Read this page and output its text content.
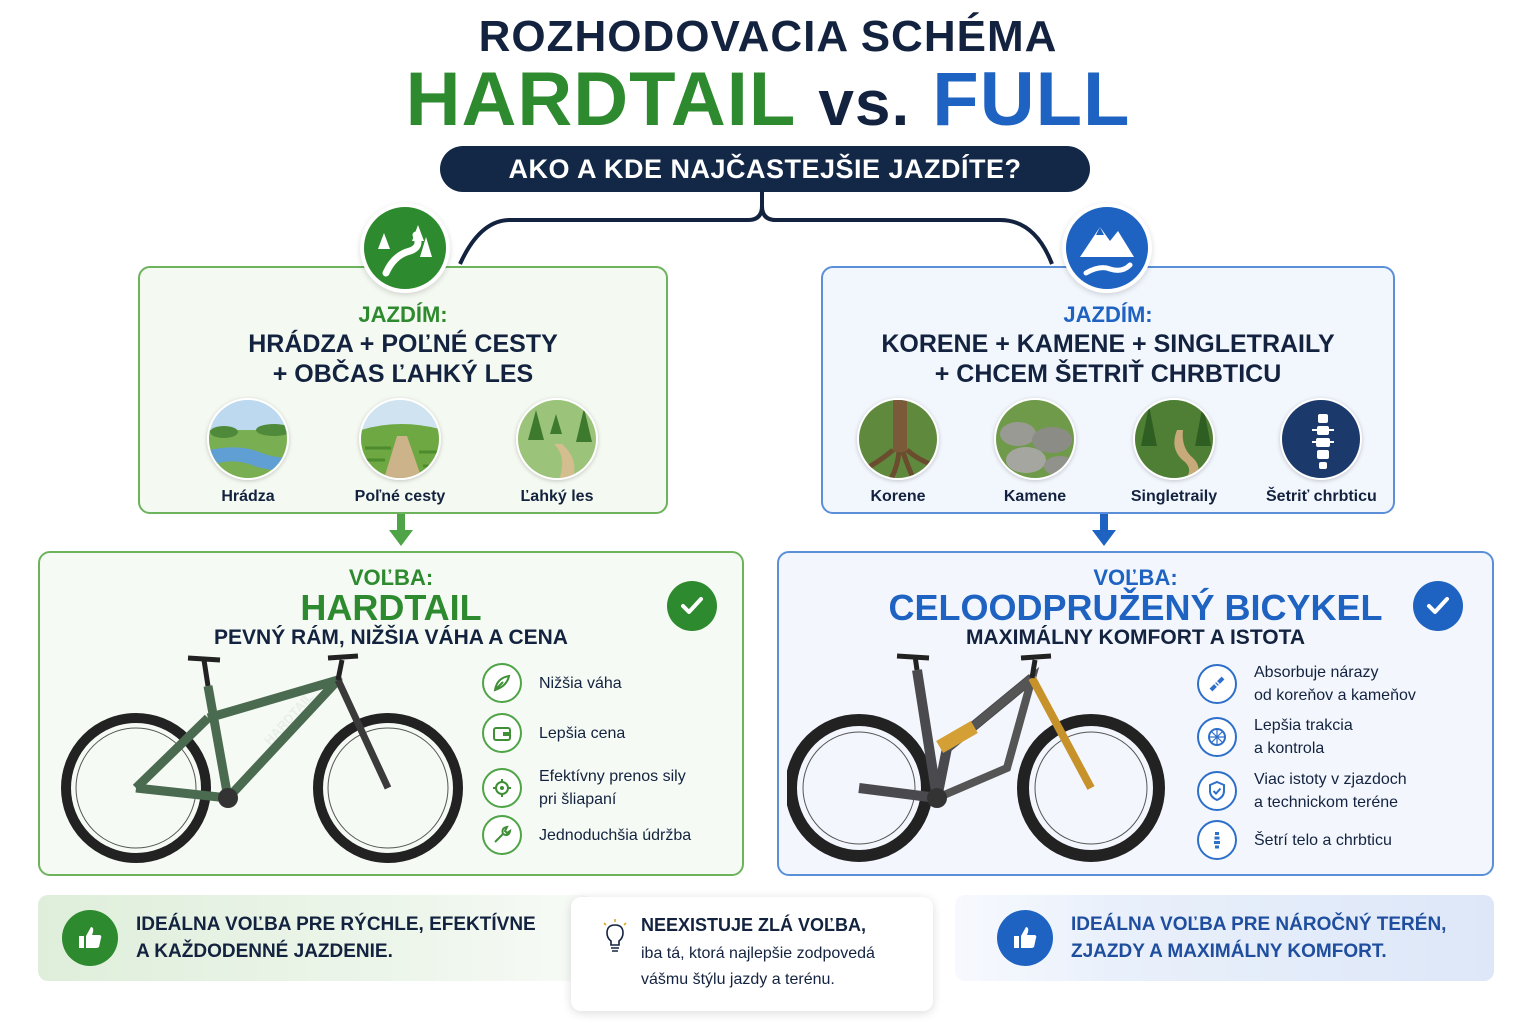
ROZHODOVACIA SCHÉMA
HARDTAIL vs. FULL
AKO A KDE NAJČASTEJŠIE JAZDÍTE?
JAZDÍM:
HRÁDZA + POĽNÉ CESTY
+ OBČAS ĽAHKÝ LES
Hrádza	Poľné cesty	Ľahký les
JAZDÍM:
KORENE + KAMENE + SINGLETRAILY
+ CHCEM ŠETRIŤ CHRBTICU
Korene	Kamene	Singletraily	Šetriť chrbticu
VOĽBA:
HARDTAIL
PEVNÝ RÁM, NIŽŠIA VÁHA A CENA
HARDTAIL
Nižšia váha
Lepšia cena
Efektívny prenos sily
pri šliapaní
Jednoduchšia údržba
VOĽBA:
CELOODPRUŽENÝ BICYKEL
MAXIMÁLNY KOMFORT A ISTOTA
Absorbuje nárazy
od koreňov a kameňov
Lepšia trakcia
a kontrola
Viac istoty v zjazdoch
a technickom teréne
Šetrí telo a chrbticu
IDEÁLNA VOĽBA PRE RÝCHLE, EFEKTÍVNE
A KAŽDODENNÉ JAZDENIE.
NEEXISTUJE ZLÁ VOĽBA,
iba tá, ktorá najlepšie zodpovedá
vášmu štýlu jazdy a terénu.
IDEÁLNA VOĽBA PRE NÁROČNÝ TERÉN,
ZJAZDY A MAXIMÁLNY KOMFORT.
